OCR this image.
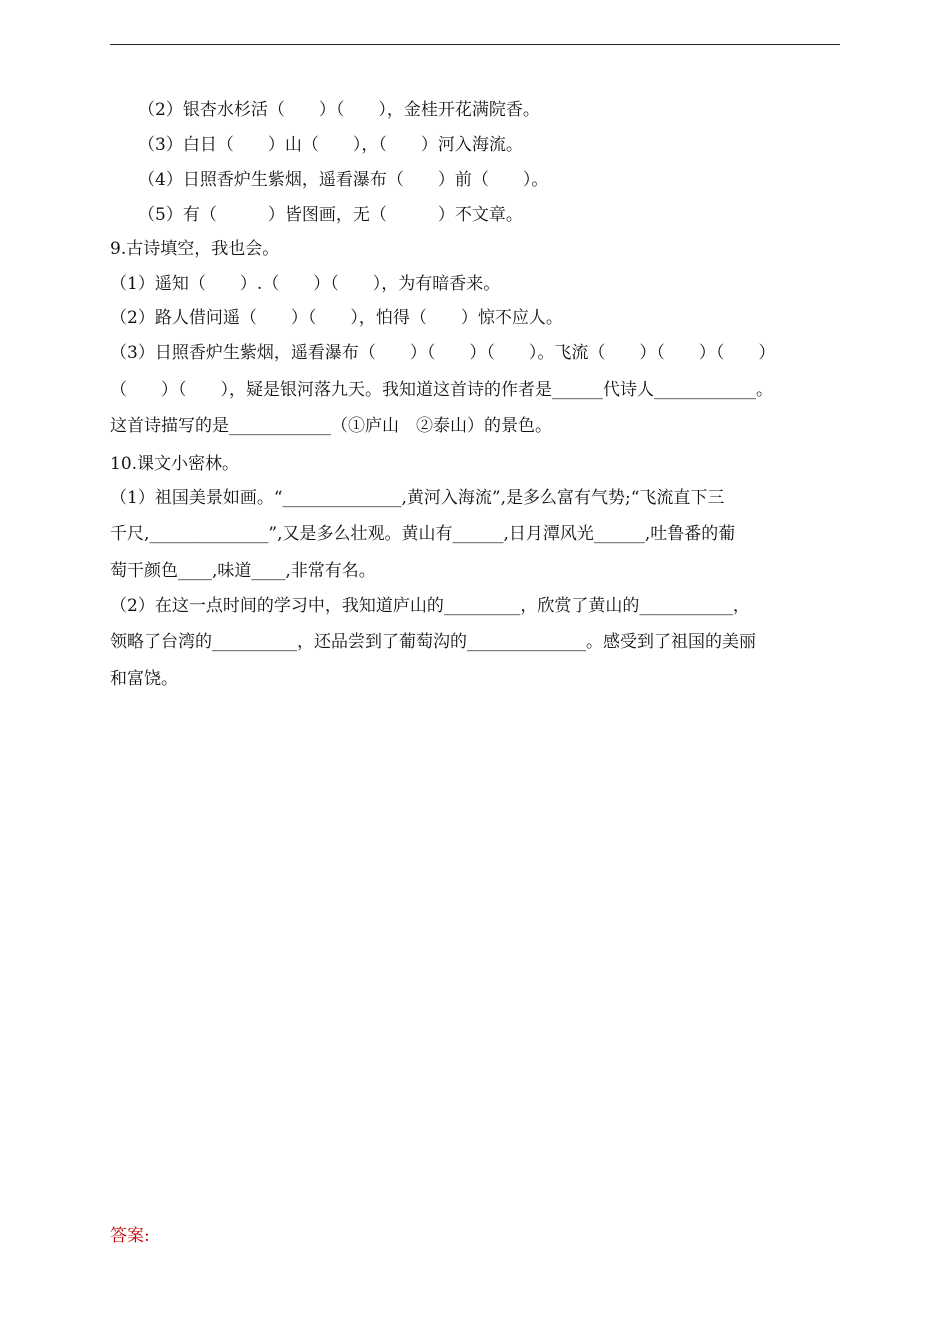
（2）银杏水杉活（　　）（　　），金桂开花满院香。
（3）白日（　　）山（　　），（　　）河入海流。
（4）日照香炉生紫烟，遥看瀑布（　　）前（　　）。
（5）有（　　　）皆图画，无（　　　）不文章。
9.古诗填空，我也会。
（1）遥知（　　）.（　　）（　　），为有暗香来。
（2）路人借问遥（　　）（　　），怕得（　　）惊不应人。
（3）日照香炉生紫烟，遥看瀑布（　　）（　　）（　　）。飞流（　　）（　　）（　　）
（　　）（　　），疑是银河落九天。我知道这首诗的作者是______代诗人____________。
这首诗描写的是____________（①庐山　②泰山）的景色。
10.课文小密林。
（1）祖国美景如画。“______________,黄河入海流”,是多么富有气势;“飞流直下三
千尺,______________”,又是多么壮观。黄山有______,日月潭风光______,吐鲁番的葡
萄干颜色____,味道____,非常有名。
（2）在这一点时间的学习中，我知道庐山的_________，欣赏了黄山的___________，
领略了台湾的__________，还品尝到了葡萄沟的______________。感受到了祖国的美丽
和富饶。
答案:
